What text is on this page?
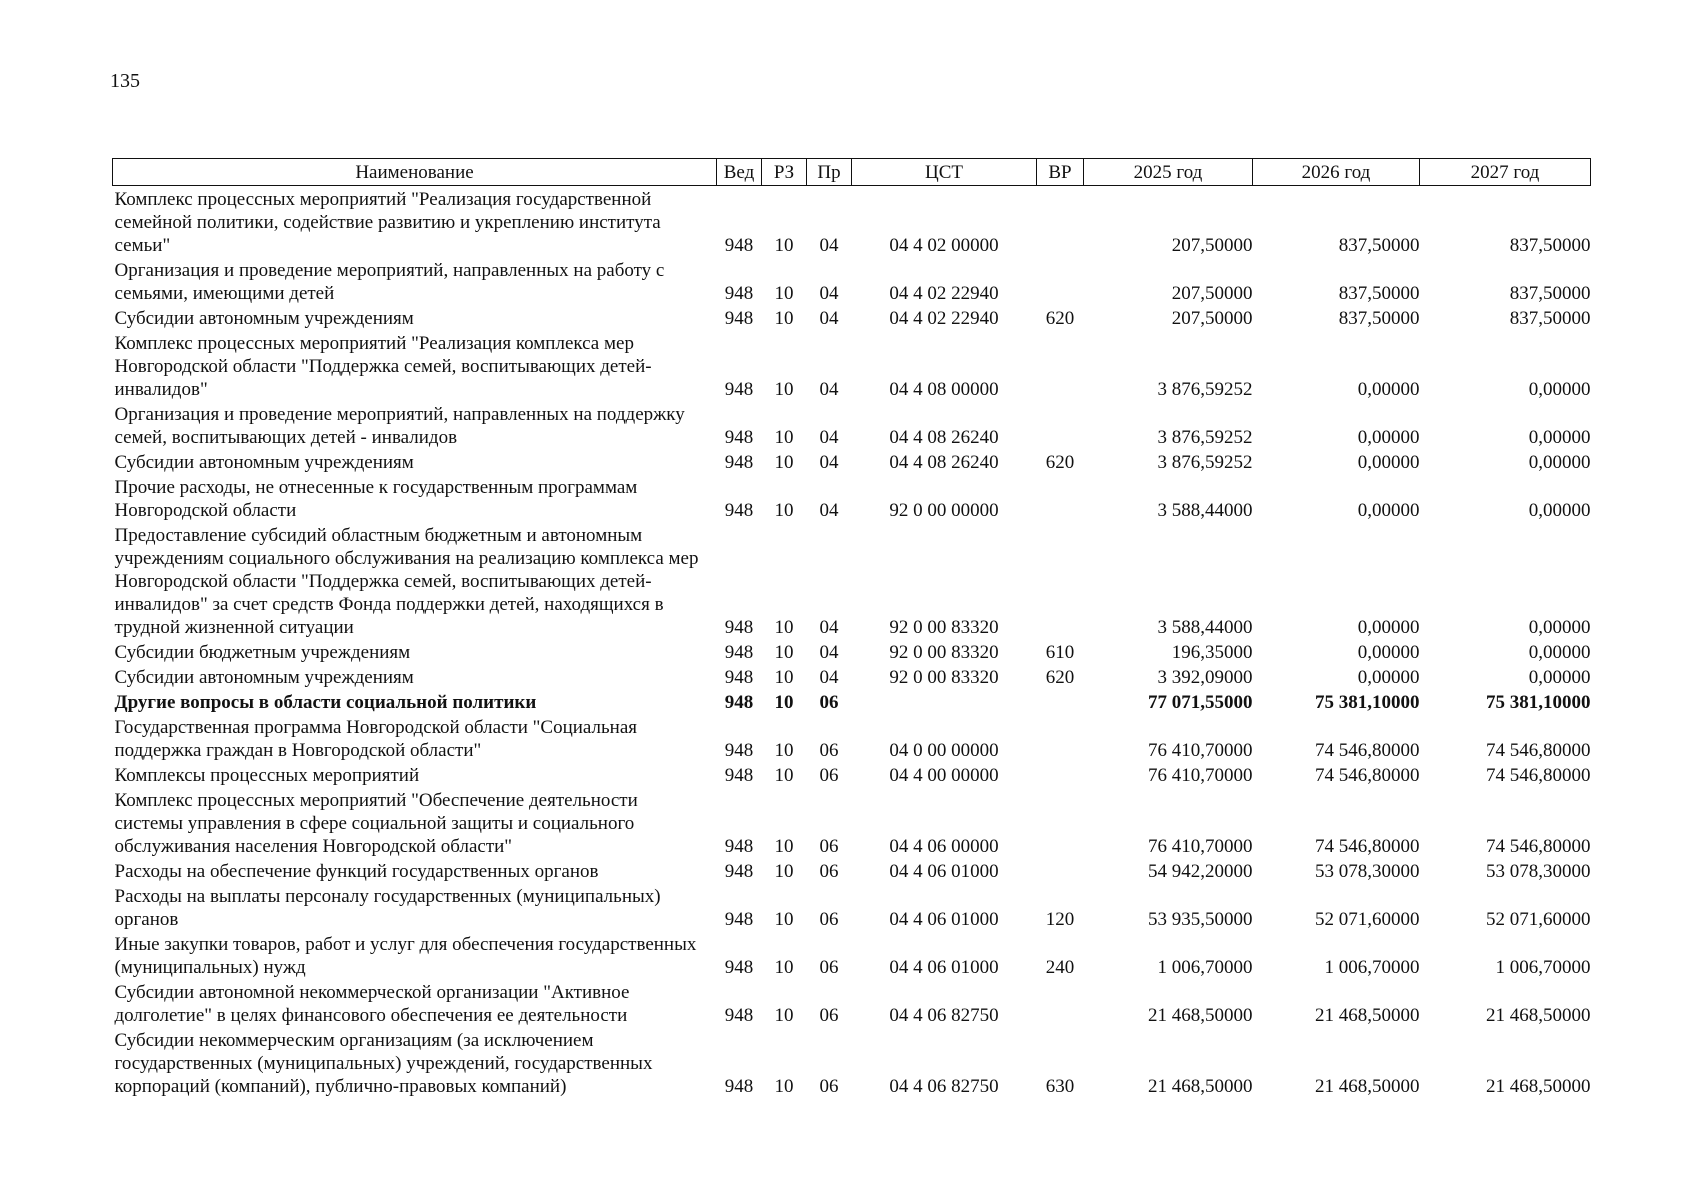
135
Наименование	Вед	РЗ	Пр	ЦСТ	ВР	2025 год	2026 год	2027 год
Комплекс процессных мероприятий "Реализация государственной семейной политики, содействие развитию и укреплению института семьи"	948	10	04	04 4 02 00000		207,50000	837,50000	837,50000
Организация и проведение мероприятий, направленных на работу с семьями, имеющими детей	948	10	04	04 4 02 22940		207,50000	837,50000	837,50000
Субсидии автономным учреждениям	948	10	04	04 4 02 22940	620	207,50000	837,50000	837,50000
Комплекс процессных мероприятий "Реализация комплекса мер Новгородской области "Поддержка семей, воспитывающих детей-инвалидов"	948	10	04	04 4 08 00000		3 876,59252	0,00000	0,00000
Организация и проведение мероприятий, направленных на поддержку семей, воспитывающих детей - инвалидов	948	10	04	04 4 08 26240		3 876,59252	0,00000	0,00000
Субсидии автономным учреждениям	948	10	04	04 4 08 26240	620	3 876,59252	0,00000	0,00000
Прочие расходы, не отнесенные к государственным программам Новгородской области	948	10	04	92 0 00 00000		3 588,44000	0,00000	0,00000
Предоставление субсидий областным бюджетным и автономным учреждениям социального обслуживания на реализацию комплекса мер Новгородской области "Поддержка семей, воспитывающих детей-инвалидов" за счет средств Фонда поддержки детей, находящихся в трудной жизненной ситуации	948	10	04	92 0 00 83320		3 588,44000	0,00000	0,00000
Субсидии бюджетным учреждениям	948	10	04	92 0 00 83320	610	196,35000	0,00000	0,00000
Субсидии автономным учреждениям	948	10	04	92 0 00 83320	620	3 392,09000	0,00000	0,00000
Другие вопросы в области социальной политики	948	10	06			77 071,55000	75 381,10000	75 381,10000
Государственная программа Новгородской области "Социальная поддержка граждан в Новгородской области"	948	10	06	04 0 00 00000		76 410,70000	74 546,80000	74 546,80000
Комплексы процессных мероприятий	948	10	06	04 4 00 00000		76 410,70000	74 546,80000	74 546,80000
Комплекс процессных мероприятий "Обеспечение деятельности системы управления в сфере социальной защиты и социального обслуживания населения Новгородской области"	948	10	06	04 4 06 00000		76 410,70000	74 546,80000	74 546,80000
Расходы на обеспечение функций государственных органов	948	10	06	04 4 06 01000		54 942,20000	53 078,30000	53 078,30000
Расходы на выплаты персоналу государственных (муниципальных) органов	948	10	06	04 4 06 01000	120	53 935,50000	52 071,60000	52 071,60000
Иные закупки товаров, работ и услуг для обеспечения государственных (муниципальных) нужд	948	10	06	04 4 06 01000	240	1 006,70000	1 006,70000	1 006,70000
Субсидии автономной некоммерческой организации "Активное долголетие" в целях финансового обеспечения ее деятельности	948	10	06	04 4 06 82750		21 468,50000	21 468,50000	21 468,50000
Субсидии некоммерческим организациям (за исключением государственных (муниципальных) учреждений, государственных корпораций (компаний), публично-правовых компаний)	948	10	06	04 4 06 82750	630	21 468,50000	21 468,50000	21 468,50000
